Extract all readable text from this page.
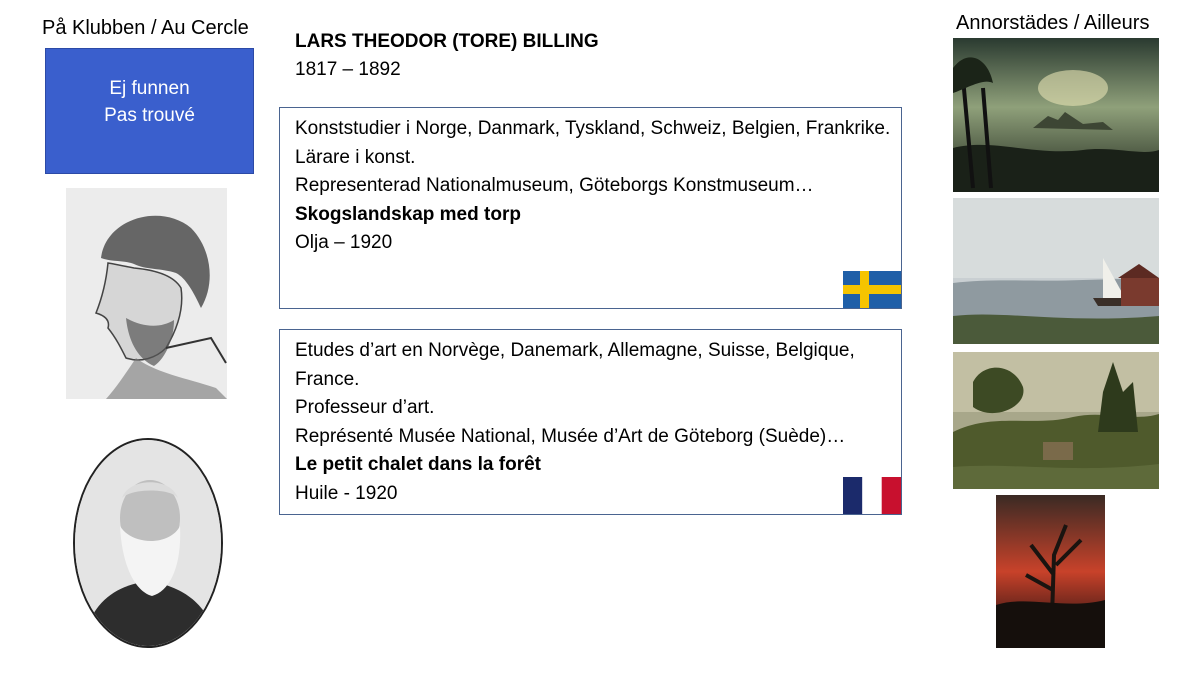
På Klubben / Au Cercle
Ej funnen
Pas trouvé
LARS THEODOR (TORE) BILLING
1817 – 1892

Konststudier i Norge, Danmark, Tyskland, Schweiz, Belgien, Frankrike.

Lärare i konst.

Representerad Nationalmuseum, Göteborgs Konstmuseum…

Skogslandskap med torp

Olja – 1920

Etudes d’art en Norvège, Danemark, Allemagne, Suisse, Belgique, France.

Professeur d’art.

Représenté Musée National, Musée d’Art de Göteborg (Suède)…

Le petit chalet dans la forêt

Huile - 1920

Annorstädes / Ailleurs
